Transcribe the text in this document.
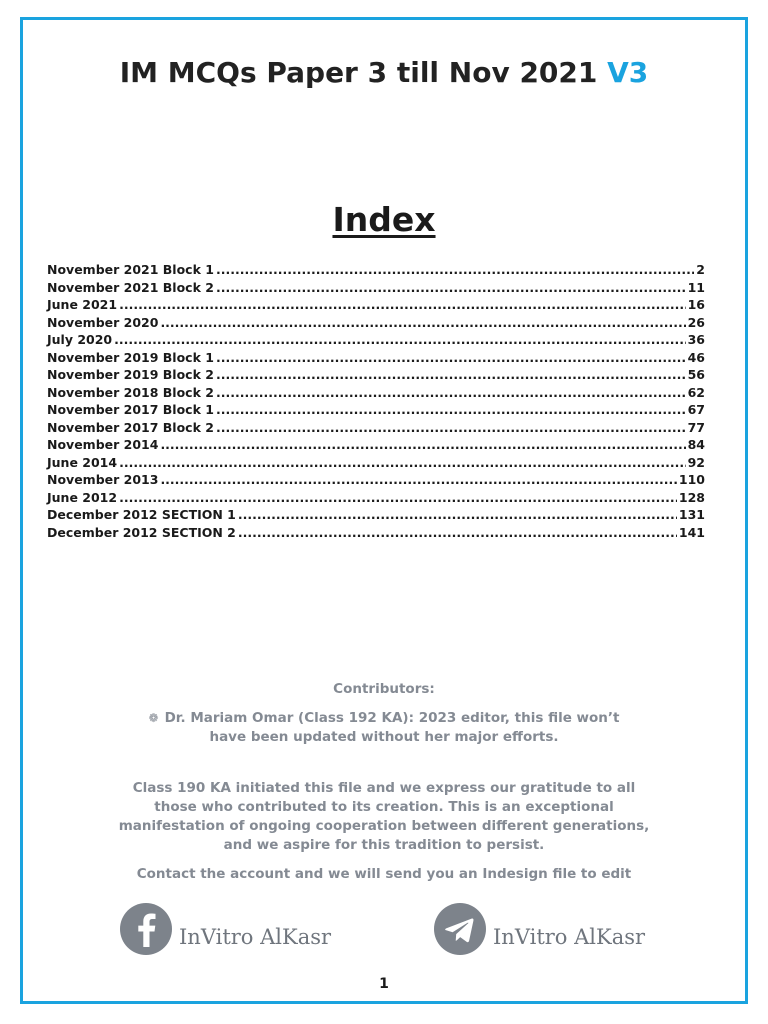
IM MCQs Paper 3 till Nov 2021 V3
Index
November 2021 Block 1 .....	2
November 2021 Block 2 .....	11
June 2021 .....	16
November 2020 .....	26
July 2020 .....	36
November 2019 Block 1 .....	46
November 2019 Block 2 .....	56
November 2018 Block 2 .....	62
November 2017 Block 1 .....	67
November 2017 Block 2 .....	77
November 2014 .....	84
June 2014 .....	92
November 2013 .....	110
June 2012 .....	128
December 2012 SECTION 1 .....	131
December 2012 SECTION 2 .....	141
Contributors:
❁ Dr. Mariam Omar (Class 192 KA): 2023 editor, this file won’t have been updated without her major efforts.
Class 190 KA initiated this file and we express our gratitude to all those who contributed to its creation. This is an exceptional manifestation of ongoing cooperation between different generations, and we aspire for this tradition to persist.
Contact the account and we will send you an Indesign file to edit
InVitro AlKasr	InVitro AlKasr
1
